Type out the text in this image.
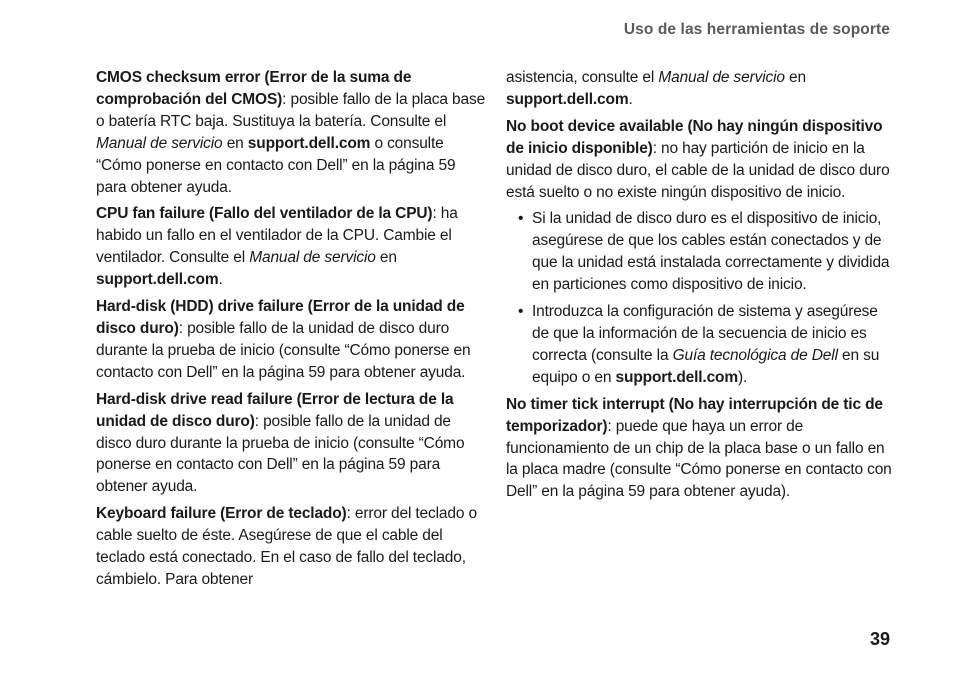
Uso de las herramientas de soporte

CMOS checksum error (Error de la suma de comprobación del CMOS): posible fallo de la placa base o batería RTC baja. Sustituya la batería. Consulte el Manual de servicio en support.dell.com o consulte “Cómo ponerse en contacto con Dell” en la página 59 para obtener ayuda.

CPU fan failure (Fallo del ventilador de la CPU): ha habido un fallo en el ventilador de la CPU. Cambie el ventilador. Consulte el Manual de servicio en support.dell.com.

Hard-disk (HDD) drive failure (Error de la unidad de disco duro): posible fallo de la unidad de disco duro durante la prueba de inicio (consulte “Cómo ponerse en contacto con Dell” en la página 59 para obtener ayuda.

Hard-disk drive read failure (Error de lectura de la unidad de disco duro): posible fallo de la unidad de disco duro durante la prueba de inicio (consulte “Cómo ponerse en contacto con Dell” en la página 59 para obtener ayuda.

Keyboard failure (Error de teclado): error del teclado o cable suelto de éste. Asegúrese de que el cable del teclado está conectado. En el caso de fallo del teclado, cámbielo. Para obtener

asistencia, consulte el Manual de servicio en support.dell.com.

No boot device available (No hay ningún dispositivo de inicio disponible): no hay partición de inicio en la unidad de disco duro, el cable de la unidad de disco duro está suelto o no existe ningún dispositivo de inicio.

• Si la unidad de disco duro es el dispositivo de inicio, asegúrese de que los cables están conectados y de que la unidad está instalada correctamente y dividida en particiones como dispositivo de inicio.
• Introduzca la configuración de sistema y asegúrese de que la información de la secuencia de inicio es correcta (consulte la Guía tecnológica de Dell en su equipo o en support.dell.com).

No timer tick interrupt (No hay interrupción de tic de temporizador): puede que haya un error de funcionamiento de un chip de la placa base o un fallo en la placa madre (consulte “Cómo ponerse en contacto con Dell” en la página 59 para obtener ayuda).

39
